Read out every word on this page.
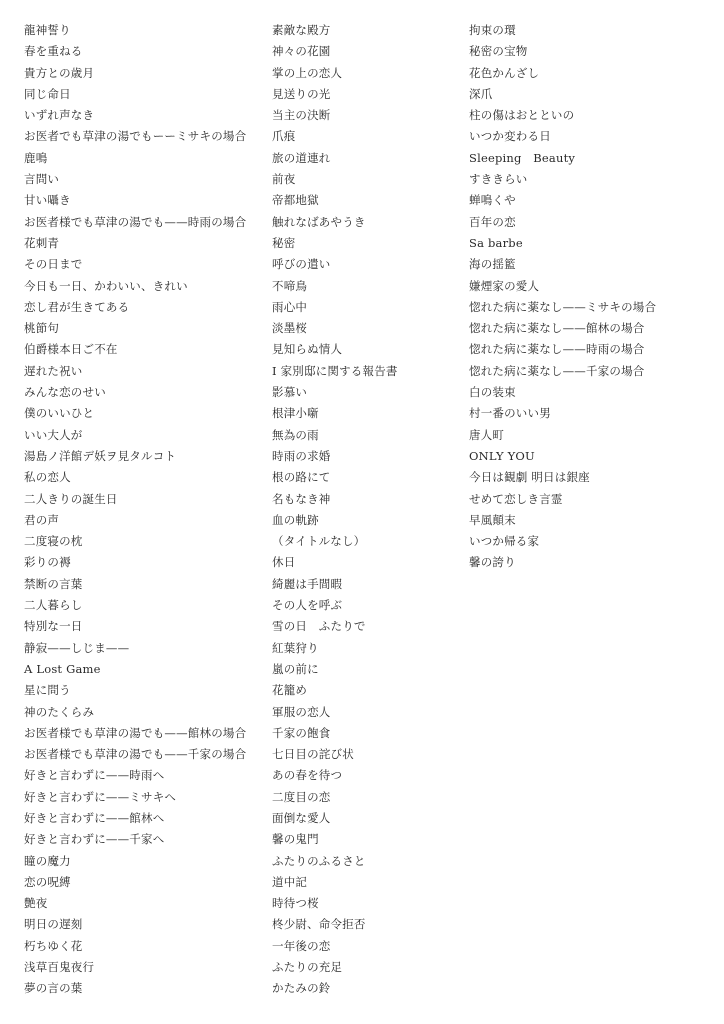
龍神誓り
春を重ねる
貴方との歳月
同じ命日
いずれ声なき
お医者でも草津の湯でもーーミサキの場合
鹿鳴
言問い
甘い囁き
お医者様でも草津の湯でも——時雨の場合
花刺青
その日まで
今日も一日、かわいい、きれい
恋し君が生きてある
桃節句
伯爵様本日ご不在
遅れた祝い
みんな恋のせい
僕のいいひと
いい大人が
湯島ノ洋館デ妖ヲ見タルコト
私の恋人
二人きりの誕生日
君の声
二度寝の枕
彩りの褥
禁断の言葉
二人暮らし
特別な一日
静寂——しじま——
A Lost Game
星に問う
神のたくらみ
お医者様でも草津の湯でも——館林の場合
お医者様でも草津の湯でも——千家の場合
好きと言わずに——時雨へ
好きと言わずに——ミサキへ
好きと言わずに——館林へ
好きと言わずに——千家へ
瞳の魔力
恋の呪縛
艶夜
明日の遅刻
朽ちゆく花
浅草百鬼夜行
夢の言の葉
素敵な殿方
神々の花園
掌の上の恋人
見送りの光
当主の決断
爪痕
旅の道連れ
前夜
帝都地獄
触れなばあやうき
秘密
呼びの遣い
不啼鳥
雨心中
淡墨桜
見知らぬ情人
I 家別邸に関する報告書
影慕い
根津小噺
無為の雨
時雨の求婚
根の路にて
名もなき神
血の軌跡
（タイトルなし）
休日
綺麗は手間暇
その人を呼ぶ
雪の日　ふたりで
紅葉狩り
嵐の前に
花籠め
軍服の恋人
千家の飽食
七日目の詫び状
あの春を待つ
二度目の恋
面倒な愛人
馨の鬼門
ふたりのふるさと
道中記
時待つ桜
柊少尉、命令拒否
一年後の恋
ふたりの充足
かたみの鈴
拘束の環
秘密の宝物
花色かんざし
深爪
柱の傷はおとといの
いつか変わる日
Sleeping　Beauty
すききらい
蝉鳴くや
百年の恋
Sa barbe
海の揺籃
嫌煙家の愛人
惚れた病に薬なし——ミサキの場合
惚れた病に薬なし——館林の場合
惚れた病に薬なし——時雨の場合
惚れた病に薬なし——千家の場合
白の装束
村一番のいい男
唐人町
ONLY YOU
今日は観劇 明日は銀座
せめて恋しき言霊
早風顛末
いつか帰る家
馨の誇り
